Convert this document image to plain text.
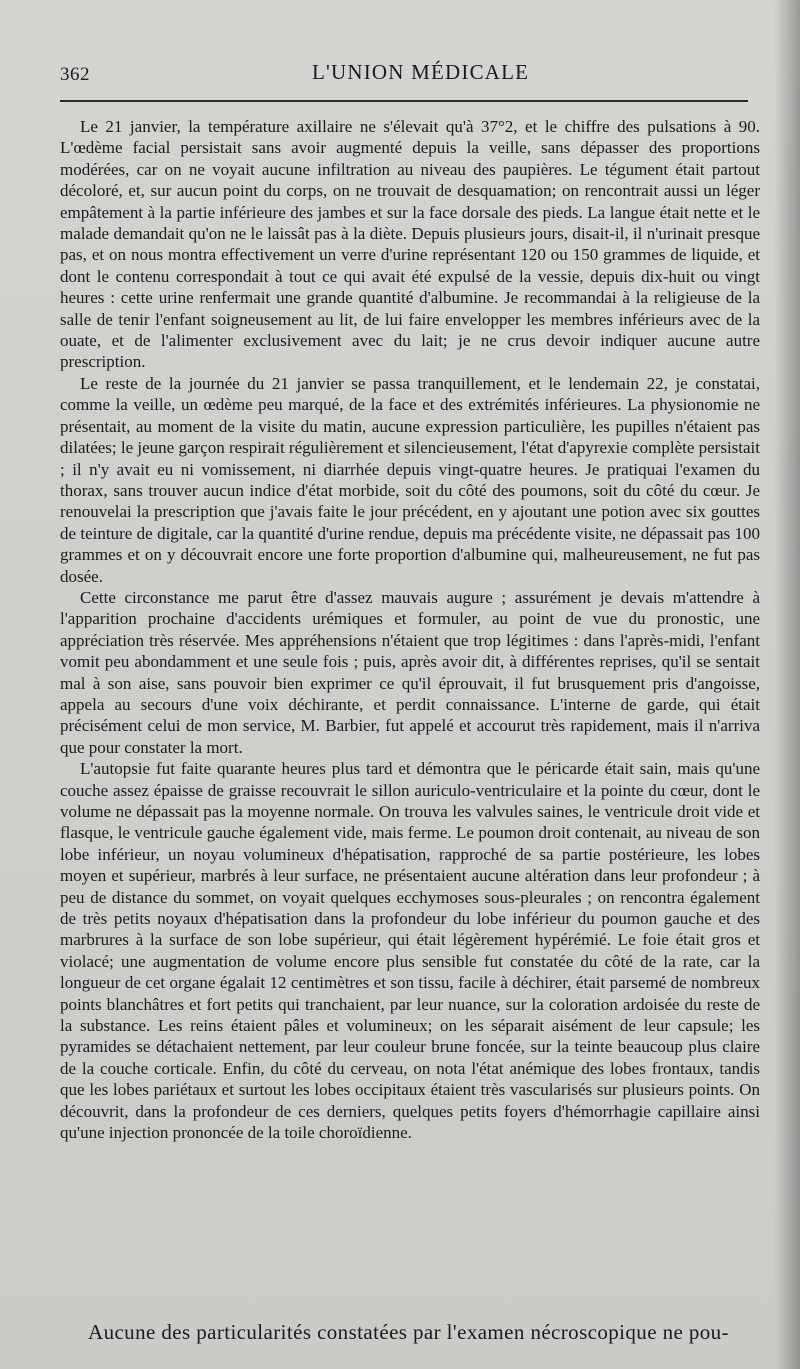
362	L'UNION MÉDICALE

Le 21 janvier, la température axillaire ne s'élevait qu'à 37°2, et le chiffre des pulsations à 90. L'œdème facial persistait sans avoir augmenté depuis la veille, sans dépasser des proportions modérées, car on ne voyait aucune infiltration au niveau des paupières. Le tégument était partout décoloré, et, sur aucun point du corps, on ne trouvait de desquamation; on rencontrait aussi un léger empâtement à la partie inférieure des jambes et sur la face dorsale des pieds. La langue était nette et le malade demandait qu'on ne le laissât pas à la diète. Depuis plusieurs jours, disait-il, il n'urinait presque pas, et on nous montra effectivement un verre d'urine représentant 120 ou 150 grammes de liquide, et dont le contenu correspondait à tout ce qui avait été expulsé de la vessie, depuis dix-huit ou vingt heures : cette urine renfermait une grande quantité d'albumine. Je recommandai à la religieuse de la salle de tenir l'enfant soigneusement au lit, de lui faire envelopper les membres inférieurs avec de la ouate, et de l'alimenter exclusivement avec du lait; je ne crus devoir indiquer aucune autre prescription.

Le reste de la journée du 21 janvier se passa tranquillement, et le lendemain 22, je constatai, comme la veille, un œdème peu marqué, de la face et des extrémités inférieures. La physionomie ne présentait, au moment de la visite du matin, aucune expression particulière, les pupilles n'étaient pas dilatées; le jeune garçon respirait régulièrement et silencieusement, l'état d'apyrexie complète persistait ; il n'y avait eu ni vomissement, ni diarrhée depuis vingt-quatre heures. Je pratiquai l'examen du thorax, sans trouver aucun indice d'état morbide, soit du côté des poumons, soit du côté du cœur. Je renouvelai la prescription que j'avais faite le jour précédent, en y ajoutant une potion avec six gouttes de teinture de digitale, car la quantité d'urine rendue, depuis ma précédente visite, ne dépassait pas 100 grammes et on y découvrait encore une forte proportion d'albumine qui, malheureusement, ne fut pas dosée.

Cette circonstance me parut être d'assez mauvais augure ; assurément je devais m'attendre à l'apparition prochaine d'accidents urémiques et formuler, au point de vue du pronostic, une appréciation très réservée. Mes appréhensions n'étaient que trop légitimes : dans l'après-midi, l'enfant vomit peu abondamment et une seule fois ; puis, après avoir dit, à différentes reprises, qu'il se sentait mal à son aise, sans pouvoir bien exprimer ce qu'il éprouvait, il fut brusquement pris d'angoisse, appela au secours d'une voix déchirante, et perdit connaissance. L'interne de garde, qui était précisément celui de mon service, M. Barbier, fut appelé et accourut très rapidement, mais il n'arriva que pour constater la mort.

L'autopsie fut faite quarante heures plus tard et démontra que le péricarde était sain, mais qu'une couche assez épaisse de graisse recouvrait le sillon auriculo-ventriculaire et la pointe du cœur, dont le volume ne dépassait pas la moyenne normale. On trouva les valvules saines, le ventricule droit vide et flasque, le ventricule gauche également vide, mais ferme. Le poumon droit contenait, au niveau de son lobe inférieur, un noyau volumineux d'hépatisation, rapproché de sa partie postérieure, les lobes moyen et supérieur, marbrés à leur surface, ne présentaient aucune altération dans leur profondeur ; à peu de distance du sommet, on voyait quelques ecchymoses sous-pleurales ; on rencontra également de très petits noyaux d'hépatisation dans la profondeur du lobe inférieur du poumon gauche et des marbrures à la surface de son lobe supérieur, qui était légèrement hypérémié. Le foie était gros et violacé; une augmentation de volume encore plus sensible fut constatée du côté de la rate, car la longueur de cet organe égalait 12 centimètres et son tissu, facile à déchirer, était parsemé de nombreux points blanchâtres et fort petits qui tranchaient, par leur nuance, sur la coloration ardoisée du reste de la substance. Les reins étaient pâles et volumineux; on les séparait aisément de leur capsule; les pyramides se détachaient nettement, par leur couleur brune foncée, sur la teinte beaucoup plus claire de la couche corticale. Enfin, du côté du cerveau, on nota l'état anémique des lobes frontaux, tandis que les lobes pariétaux et surtout les lobes occipitaux étaient très vascularisés sur plusieurs points. On découvrit, dans la profondeur de ces derniers, quelques petits foyers d'hémorrhagie capillaire ainsi qu'une injection prononcée de la toile choroïdienne.

Aucune des particularités constatées par l'examen nécroscopique ne pou-
